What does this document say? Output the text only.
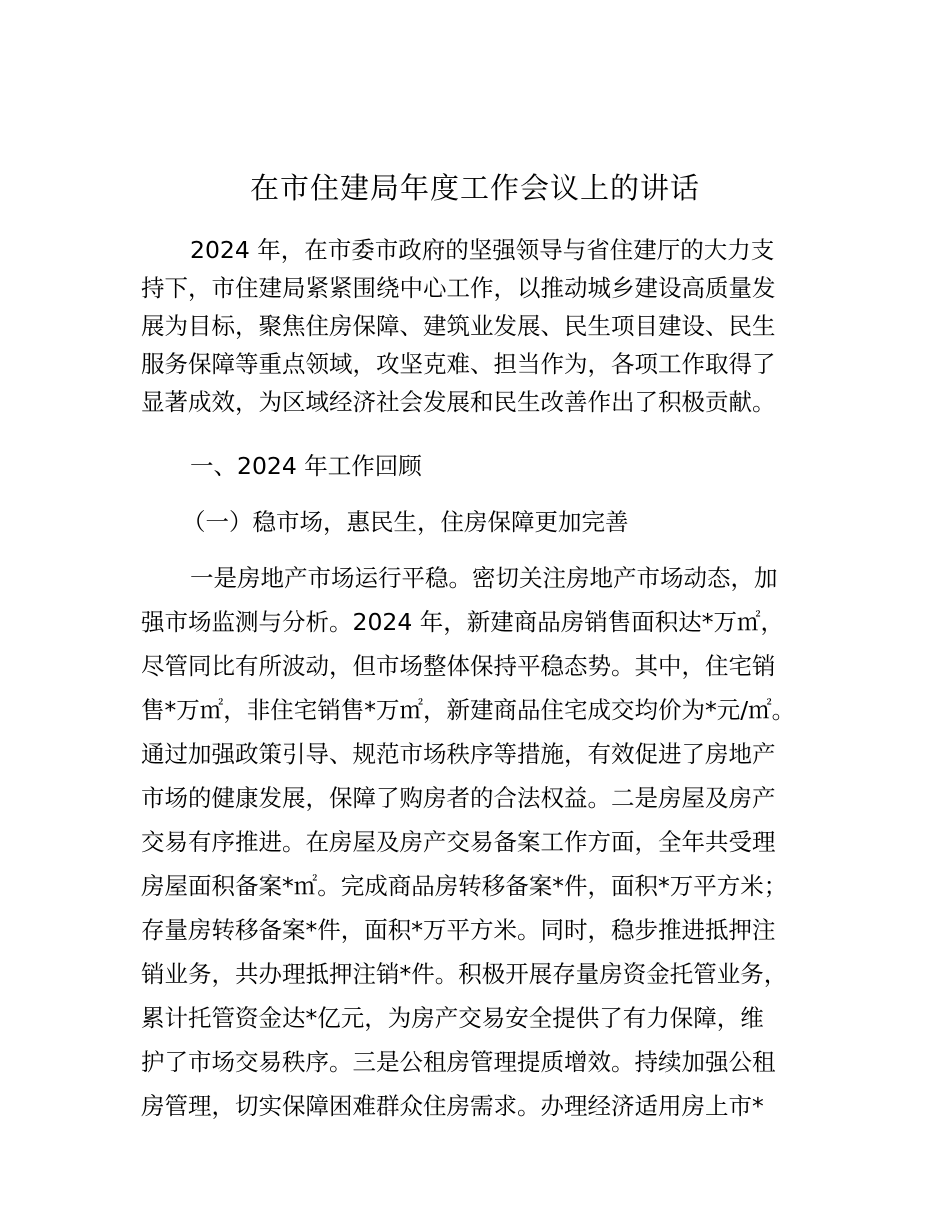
在市住建局年度工作会议上的讲话
2024 年，在市委市政府的坚强领导与省住建厅的大力支
持下，市住建局紧紧围绕中心工作，以推动城乡建设高质量发
展为目标，聚焦住房保障、建筑业发展、民生项目建设、民生
服务保障等重点领域，攻坚克难、担当作为，各项工作取得了
显著成效，为区域经济社会发展和民生改善作出了积极贡献。
一、2024 年工作回顾
（一）稳市场，惠民生，住房保障更加完善
一是房地产市场运行平稳。密切关注房地产市场动态，加
强市场监测与分析。2024 年，新建商品房销售面积达*万㎡，
尽管同比有所波动，但市场整体保持平稳态势。其中，住宅销
售*万㎡，非住宅销售*万㎡，新建商品住宅成交均价为*元/㎡。
通过加强政策引导、规范市场秩序等措施，有效促进了房地产
市场的健康发展，保障了购房者的合法权益。二是房屋及房产
交易有序推进。在房屋及房产交易备案工作方面，全年共受理
房屋面积备案*㎡。完成商品房转移备案*件，面积*万平方米；
存量房转移备案*件，面积*万平方米。同时，稳步推进抵押注
销业务，共办理抵押注销*件。积极开展存量房资金托管业务，
累计托管资金达*亿元，为房产交易安全提供了有力保障，维
护了市场交易秩序。三是公租房管理提质增效。持续加强公租
房管理，切实保障困难群众住房需求。办理经济适用房上市*
